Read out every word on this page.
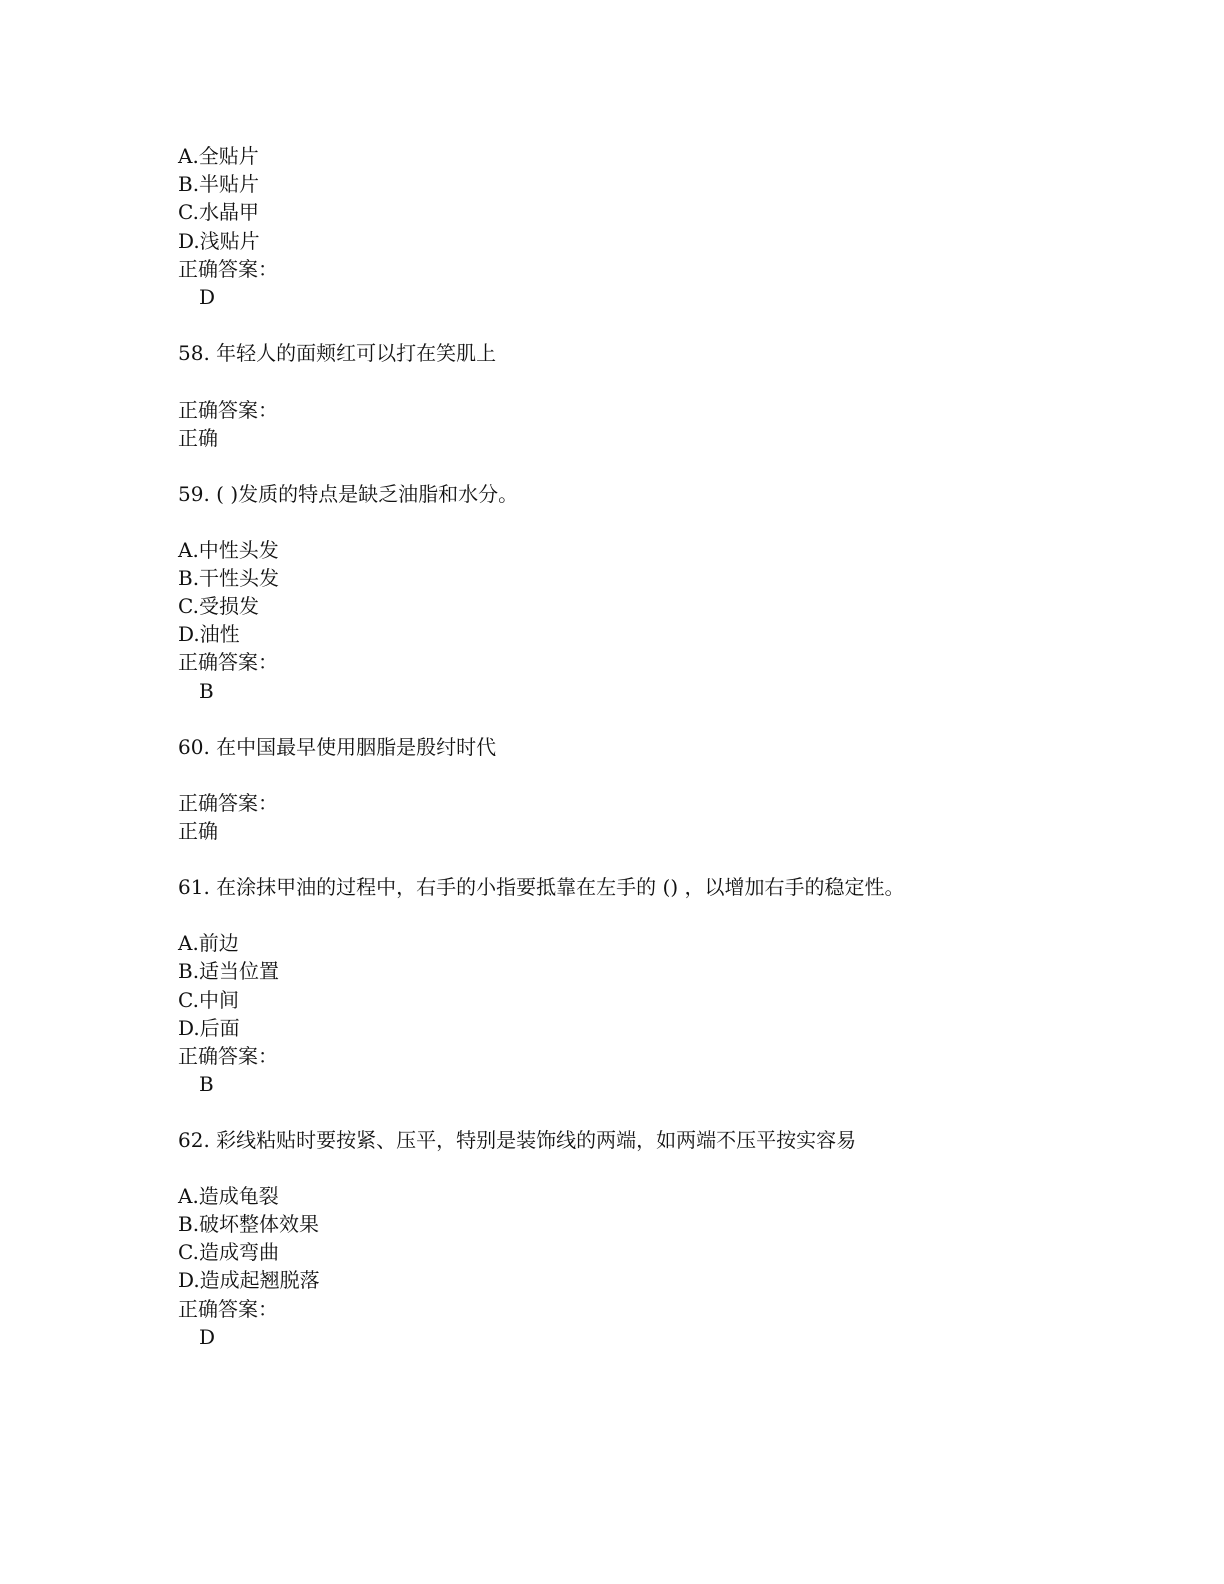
A.全贴片
B.半贴片
C.水晶甲
D.浅贴片
正确答案：
D
58. 年轻人的面颊红可以打在笑肌上
正确答案：
正确
59. ( )发质的特点是缺乏油脂和水分。
A.中性头发
B.干性头发
C.受损发
D.油性
正确答案：
B
60. 在中国最早使用胭脂是殷纣时代
正确答案：
正确
61. 在涂抹甲油的过程中，右手的小指要抵靠在左手的 () ，以增加右手的稳定性。
A.前边
B.适当位置
C.中间
D.后面
正确答案：
B
62. 彩线粘贴时要按紧、压平，特别是装饰线的两端，如两端不压平按实容易
A.造成龟裂
B.破坏整体效果
C.造成弯曲
D.造成起翘脱落
正确答案：
D
